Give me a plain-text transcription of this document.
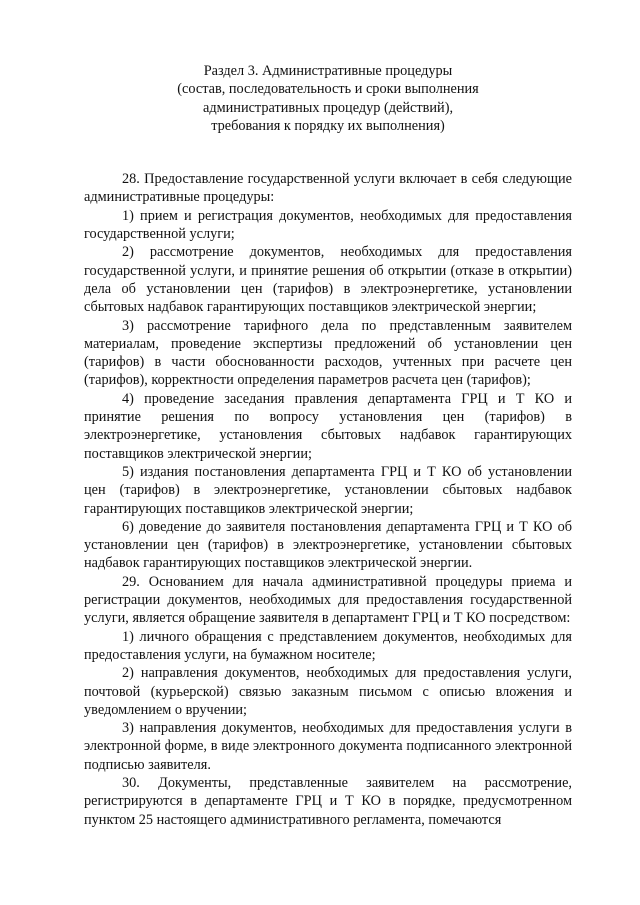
Раздел 3. Административные процедуры
(состав, последовательность и сроки выполнения
административных процедур (действий),
требования к порядку их выполнения)

28. Предоставление государственной услуги включает в себя следующие административные процедуры:

1) прием и регистрация документов, необходимых для предоставления государственной услуги;

2) рассмотрение документов, необходимых для предоставления государственной услуги, и принятие решения об открытии (отказе в открытии) дела об установлении цен (тарифов) в электроэнергетике, установлении сбытовых надбавок гарантирующих поставщиков электрической энергии;

3) рассмотрение тарифного дела по представленным заявителем материалам, проведение экспертизы предложений об установлении цен (тарифов) в части обоснованности расходов, учтенных при расчете цен (тарифов), корректности определения параметров расчета цен (тарифов);

4) проведение заседания правления департамента ГРЦ и Т КО и принятие решения по вопросу установления цен (тарифов) в электроэнергетике, установления сбытовых надбавок гарантирующих поставщиков электрической энергии;

5) издания постановления департамента ГРЦ и Т КО об установлении цен (тарифов) в электроэнергетике, установлении сбытовых надбавок гарантирующих поставщиков электрической энергии;

6) доведение до заявителя постановления департамента ГРЦ и Т КО об установлении цен (тарифов) в электроэнергетике, установлении сбытовых надбавок гарантирующих поставщиков электрической энергии.

29. Основанием для начала административной процедуры приема и регистрации документов, необходимых для предоставления государственной услуги, является обращение заявителя в департамент ГРЦ и Т КО посредством:

1) личного обращения с представлением документов, необходимых для предоставления услуги, на бумажном носителе;

2) направления документов, необходимых для предоставления услуги, почтовой (курьерской) связью заказным письмом с описью вложения и уведомлением о вручении;

3) направления документов, необходимых для предоставления услуги в электронной форме, в виде электронного документа подписанного электронной подписью заявителя.

30. Документы, представленные заявителем на рассмотрение, регистрируются в департаменте ГРЦ и Т КО в порядке, предусмотренном пунктом 25 настоящего административного регламента, помечаются
